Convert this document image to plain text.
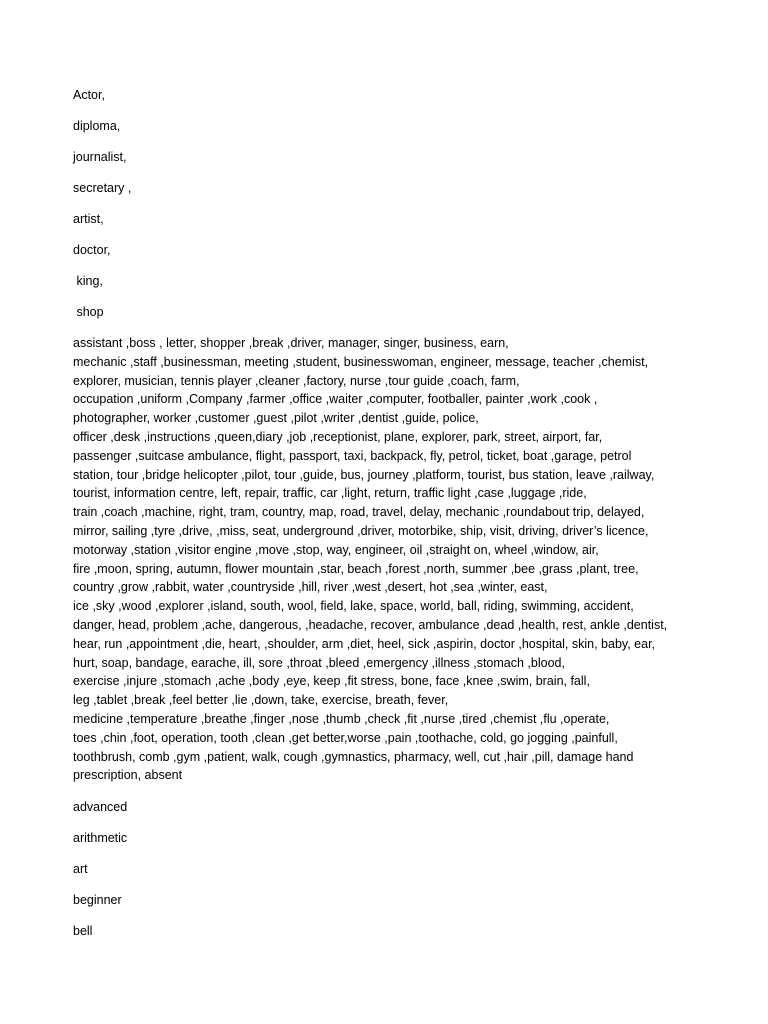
Actor,
diploma,
journalist,
secretary ,
artist,
doctor,
king,
shop
assistant ,boss , letter, shopper ,break ,driver, manager, singer, business, earn,
mechanic ,staff ,businessman, meeting ,student, businesswoman, engineer, message, teacher ,chemist,
explorer, musician, tennis player ,cleaner ,factory, nurse ,tour guide ,coach, farm,
occupation ,uniform ,Company ,farmer ,office ,waiter ,computer, footballer, painter ,work ,cook ,
photographer, worker ,customer ,guest ,pilot ,writer ,dentist ,guide, police,
officer ,desk ,instructions ,queen,diary ,job ,receptionist, plane, explorer, park, street, airport, far,
passenger ,suitcase ambulance, flight, passport, taxi, backpack, fly, petrol, ticket, boat ,garage, petrol
station, tour ,bridge helicopter ,pilot, tour ,guide, bus, journey ,platform, tourist, bus station, leave ,railway,
tourist, information centre, left, repair, traffic, car ,light, return, traffic light ,case ,luggage ,ride,
train ,coach ,machine, right, tram, country, map, road, travel, delay, mechanic ,roundabout trip, delayed,
mirror, sailing ,tyre ,drive, ,miss, seat, underground ,driver, motorbike, ship, visit, driving, driver’s licence,
motorway ,station ,visitor engine ,move ,stop, way, engineer, oil ,straight on, wheel ,window, air,
fire ,moon, spring, autumn, flower mountain ,star, beach ,forest ,north, summer ,bee ,grass ,plant, tree,
country ,grow ,rabbit, water ,countryside ,hill, river ,west ,desert, hot ,sea ,winter, east,
ice ,sky ,wood ,explorer ,island, south, wool, field, lake, space, world, ball, riding, swimming, accident,
danger, head, problem ,ache, dangerous, ,headache, recover, ambulance ,dead ,health, rest, ankle ,dentist,
hear, run ,appointment ,die, heart, ,shoulder, arm ,diet, heel, sick ,aspirin, doctor ,hospital, skin, baby, ear,
hurt, soap, bandage, earache, ill, sore ,throat ,bleed ,emergency ,illness ,stomach ,blood,
exercise ,injure ,stomach ,ache ,body ,eye, keep ,fit stress, bone, face ,knee ,swim, brain, fall,
leg ,tablet ,break ,feel better ,lie ,down, take, exercise, breath, fever,
medicine ,temperature ,breathe ,finger ,nose ,thumb ,check ,fit ,nurse ,tired ,chemist ,flu ,operate,
toes ,chin ,foot, operation, tooth ,clean ,get better,worse ,pain ,toothache, cold, go jogging ,painfull,
toothbrush, comb ,gym ,patient, walk, cough ,gymnastics, pharmacy, well, cut ,hair ,pill, damage hand
prescription, absent
advanced
arithmetic
art
beginner
bell
